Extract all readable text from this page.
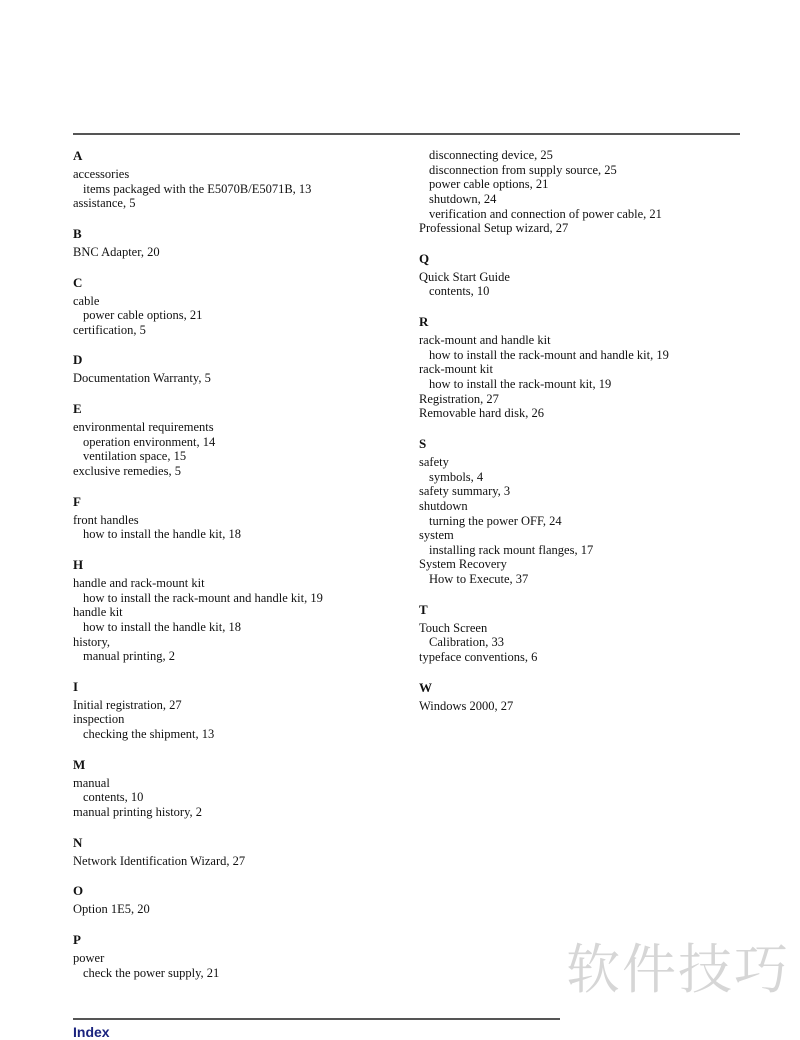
A
accessories
items packaged with the E5070B/E5071B, 13
assistance, 5
B
BNC Adapter, 20
C
cable
power cable options, 21
certification, 5
D
Documentation Warranty, 5
E
environmental requirements
operation environment, 14
ventilation space, 15
exclusive remedies, 5
F
front handles
how to install the handle kit, 18
H
handle and rack-mount kit
how to install the rack-mount and handle kit, 19
handle kit
how to install the handle kit, 18
history,
manual printing, 2
I
Initial registration, 27
inspection
checking the shipment, 13
M
manual
contents, 10
manual printing history, 2
N
Network Identification Wizard, 27
O
Option 1E5, 20
P
power
check the power supply, 21
disconnecting device, 25
disconnection from supply source, 25
power cable options, 21
shutdown, 24
verification and connection of power cable, 21
Professional Setup wizard, 27
Q
Quick Start Guide
contents, 10
R
rack-mount and handle kit
how to install the rack-mount and handle kit, 19
rack-mount kit
how to install the rack-mount kit, 19
Registration, 27
Removable hard disk, 26
S
safety
symbols, 4
safety summary, 3
shutdown
turning the power OFF, 24
system
installing rack mount flanges, 17
System Recovery
How to Execute, 37
T
Touch Screen
Calibration, 33
typeface conventions, 6
W
Windows 2000, 27
Index
软件技巧
